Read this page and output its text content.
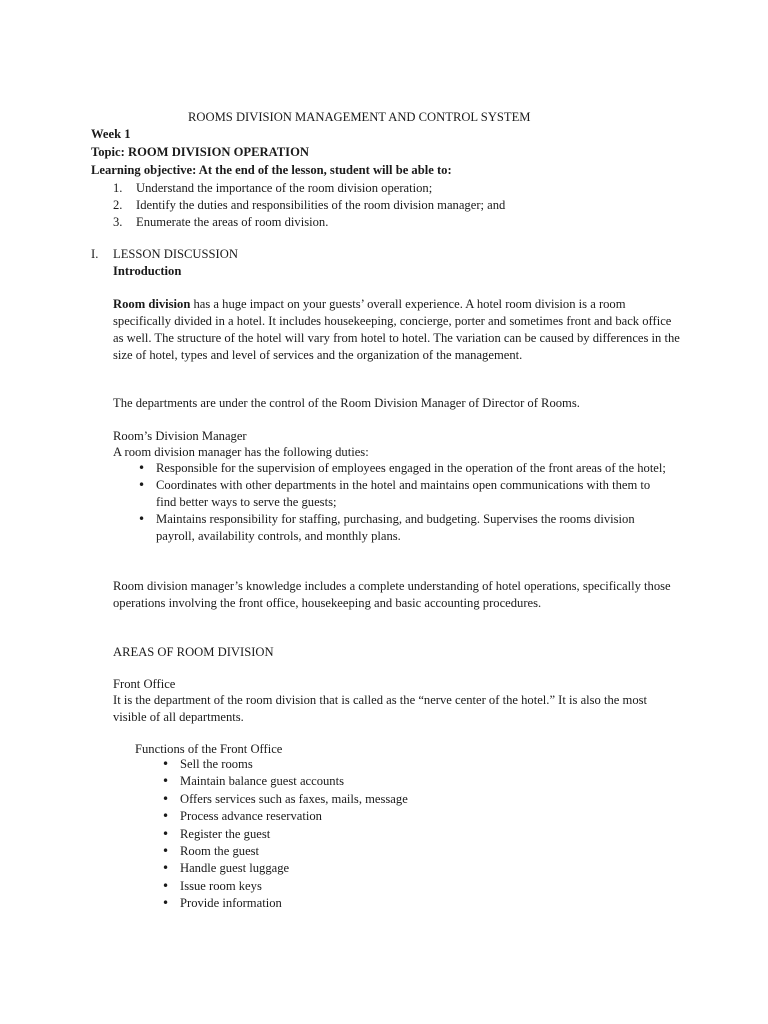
ROOMS DIVISION MANAGEMENT AND CONTROL SYSTEM
Week 1
Topic: ROOM DIVISION OPERATION
Learning objective: At the end of the lesson, student will be able to:
1. Understand the importance of the room division operation;
2. Identify the duties and responsibilities of the room division manager; and
3. Enumerate the areas of room division.
I. LESSON DISCUSSION
Introduction
Room division has a huge impact on your guests’ overall experience. A hotel room division is a room specifically divided in a hotel. It includes housekeeping, concierge, porter and sometimes front and back office as well. The structure of the hotel will vary from hotel to hotel. The variation can be caused by differences in the size of hotel, types and level of services and the organization of the management.
The departments are under the control of the Room Division Manager of Director of Rooms.
Room’s Division Manager
A room division manager has the following duties:
• Responsible for the supervision of employees engaged in the operation of the front areas of the hotel;
• Coordinates with other departments in the hotel and maintains open communications with them to find better ways to serve the guests;
• Maintains responsibility for staffing, purchasing, and budgeting. Supervises the rooms division payroll, availability controls, and monthly plans.
Room division manager’s knowledge includes a complete understanding of hotel operations, specifically those operations involving the front office, housekeeping and basic accounting procedures.
AREAS OF ROOM DIVISION
Front Office
It is the department of the room division that is called as the “nerve center of the hotel.” It is also the most visible of all departments.
Functions of the Front Office
• Sell the rooms
• Maintain balance guest accounts
• Offers services such as faxes, mails, message
• Process advance reservation
• Register the guest
• Room the guest
• Handle guest luggage
• Issue room keys
• Provide information
